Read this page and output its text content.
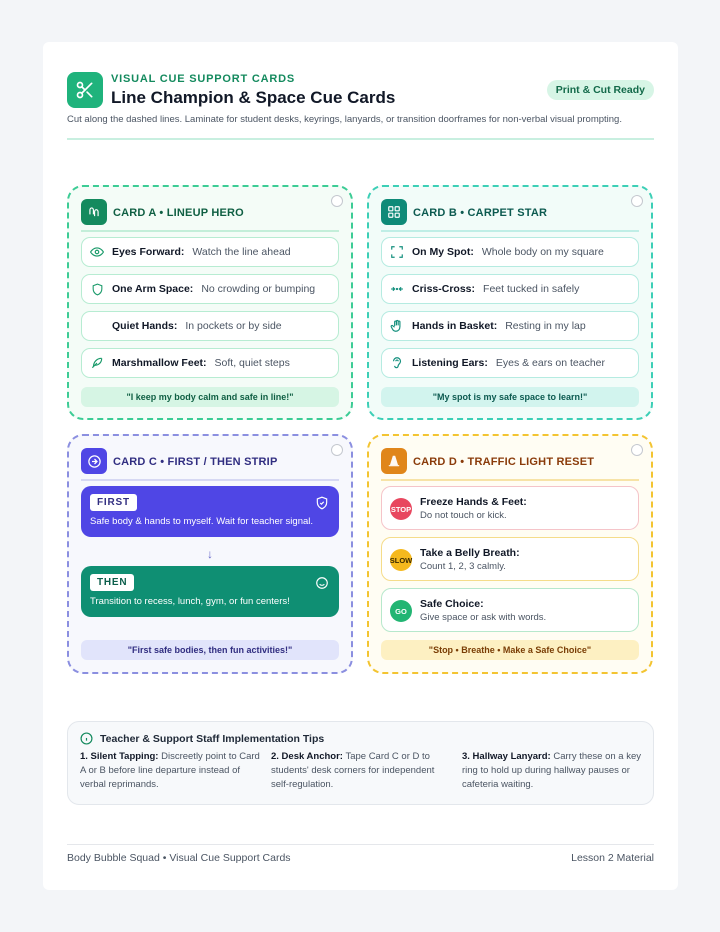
VISUAL CUE SUPPORT CARDS
Line Champion & Space Cue Cards	Print & Cut Ready
Cut along the dashed lines. Laminate for student desks, keyrings, lanyards, or transition doorframes for non-verbal visual prompting.
CARD A • LINEUP HERO
Eyes Forward: Watch the line ahead
One Arm Space: No crowding or bumping
Quiet Hands: In pockets or by side
Marshmallow Feet: Soft, quiet steps
"I keep my body calm and safe in line!"
CARD B • CARPET STAR
On My Spot: Whole body on my square
Criss-Cross: Feet tucked in safely
Hands in Basket: Resting in my lap
Listening Ears: Eyes & ears on teacher
"My spot is my safe space to learn!"
CARD C • FIRST / THEN STRIP
FIRST
Safe body & hands to myself. Wait for teacher signal.
↓
THEN
Transition to recess, lunch, gym, or fun centers!
"First safe bodies, then fun activities!"
CARD D • TRAFFIC LIGHT RESET
STOP
Freeze Hands & Feet:
Do not touch or kick.
SLOW
Take a Belly Breath:
Count 1, 2, 3 calmly.
GO
Safe Choice:
Give space or ask with words.
"Stop • Breathe • Make a Safe Choice"
Teacher & Support Staff Implementation Tips
1. Silent Tapping: Discreetly point to Card A or B before line departure instead of verbal reprimands.
2. Desk Anchor: Tape Card C or D to students' desk corners for independent self-regulation.
3. Hallway Lanyard: Carry these on a key ring to hold up during hallway pauses or cafeteria waiting.
Body Bubble Squad • Visual Cue Support Cards	Lesson 2 Material
